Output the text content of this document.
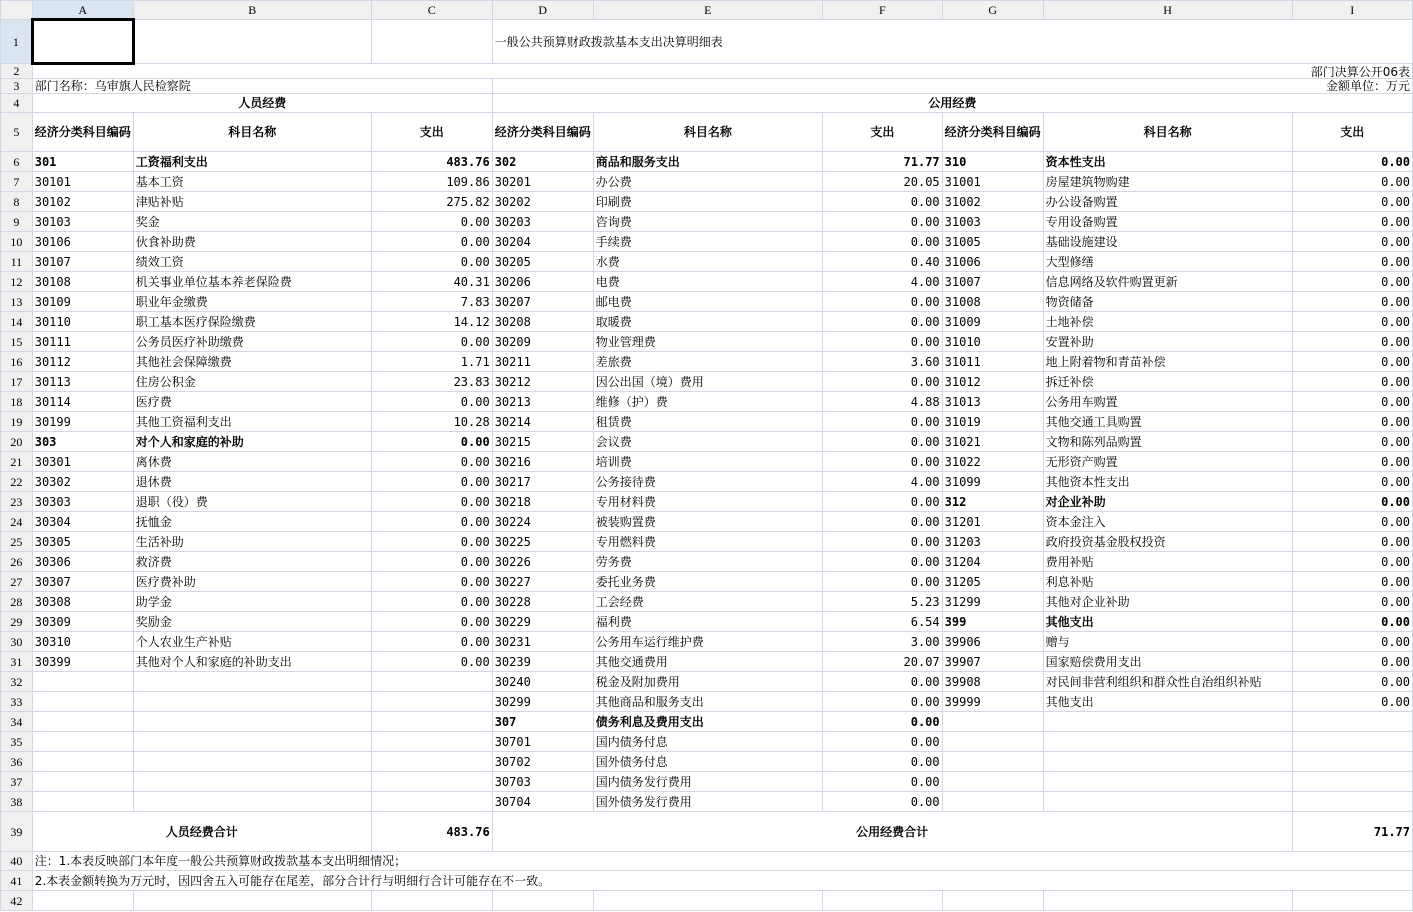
	A	B	C	D	E	F	G	H	I
1				一般公共预算财政拨款基本支出决算明细表					
2	部门决算公开06表								
3	部门名称：乌审旗人民检察院			金额单位：万元					
4	人员经费			公用经费					
5	经济分类科目编码	科目名称	支出	经济分类科目编码	科目名称	支出	经济分类科目编码	科目名称	支出
6	301	工资福利支出	483.76	302	商品和服务支出	71.77	310	资本性支出	0.00
7	30101	基本工资	109.86	30201	办公费	20.05	31001	房屋建筑物购建	0.00
8	30102	津贴补贴	275.82	30202	印刷费	0.00	31002	办公设备购置	0.00
9	30103	奖金	0.00	30203	咨询费	0.00	31003	专用设备购置	0.00
10	30106	伙食补助费	0.00	30204	手续费	0.00	31005	基础设施建设	0.00
11	30107	绩效工资	0.00	30205	水费	0.40	31006	大型修缮	0.00
12	30108	机关事业单位基本养老保险费	40.31	30206	电费	4.00	31007	信息网络及软件购置更新	0.00
13	30109	职业年金缴费	7.83	30207	邮电费	0.00	31008	物资储备	0.00
14	30110	职工基本医疗保险缴费	14.12	30208	取暖费	0.00	31009	土地补偿	0.00
15	30111	公务员医疗补助缴费	0.00	30209	物业管理费	0.00	31010	安置补助	0.00
16	30112	其他社会保障缴费	1.71	30211	差旅费	3.60	31011	地上附着物和青苗补偿	0.00
17	30113	住房公积金	23.83	30212	因公出国（境）费用	0.00	31012	拆迁补偿	0.00
18	30114	医疗费	0.00	30213	维修（护）费	4.88	31013	公务用车购置	0.00
19	30199	其他工资福利支出	10.28	30214	租赁费	0.00	31019	其他交通工具购置	0.00
20	303	对个人和家庭的补助	0.00	30215	会议费	0.00	31021	文物和陈列品购置	0.00
21	30301	离休费	0.00	30216	培训费	0.00	31022	无形资产购置	0.00
22	30302	退休费	0.00	30217	公务接待费	4.00	31099	其他资本性支出	0.00
23	30303	退职（役）费	0.00	30218	专用材料费	0.00	312	对企业补助	0.00
24	30304	抚恤金	0.00	30224	被装购置费	0.00	31201	资本金注入	0.00
25	30305	生活补助	0.00	30225	专用燃料费	0.00	31203	政府投资基金股权投资	0.00
26	30306	救济费	0.00	30226	劳务费	0.00	31204	费用补贴	0.00
27	30307	医疗费补助	0.00	30227	委托业务费	0.00	31205	利息补贴	0.00
28	30308	助学金	0.00	30228	工会经费	5.23	31299	其他对企业补助	0.00
29	30309	奖励金	0.00	30229	福利费	6.54	399	其他支出	0.00
30	30310	个人农业生产补贴	0.00	30231	公务用车运行维护费	3.00	39906	赠与	0.00
31	30399	其他对个人和家庭的补助支出	0.00	30239	其他交通费用	20.07	39907	国家赔偿费用支出	0.00
32				30240	税金及附加费用	0.00	39908	对民间非营利组织和群众性自治组织补贴	0.00
33				30299	其他商品和服务支出	0.00	39999	其他支出	0.00
34				307	债务利息及费用支出	0.00			
35				30701	国内债务付息	0.00			
36				30702	国外债务付息	0.00			
37				30703	国内债务发行费用	0.00			
38				30704	国外债务发行费用	0.00			
39	人员经费合计		483.76	公用经费合计					71.77
40	注：1.本表反映部门本年度一般公共预算财政拨款基本支出明细情况；								
41	2.本表金额转换为万元时，因四舍五入可能存在尾差，部分合计行与明细行合计可能存在不一致。								
42									
